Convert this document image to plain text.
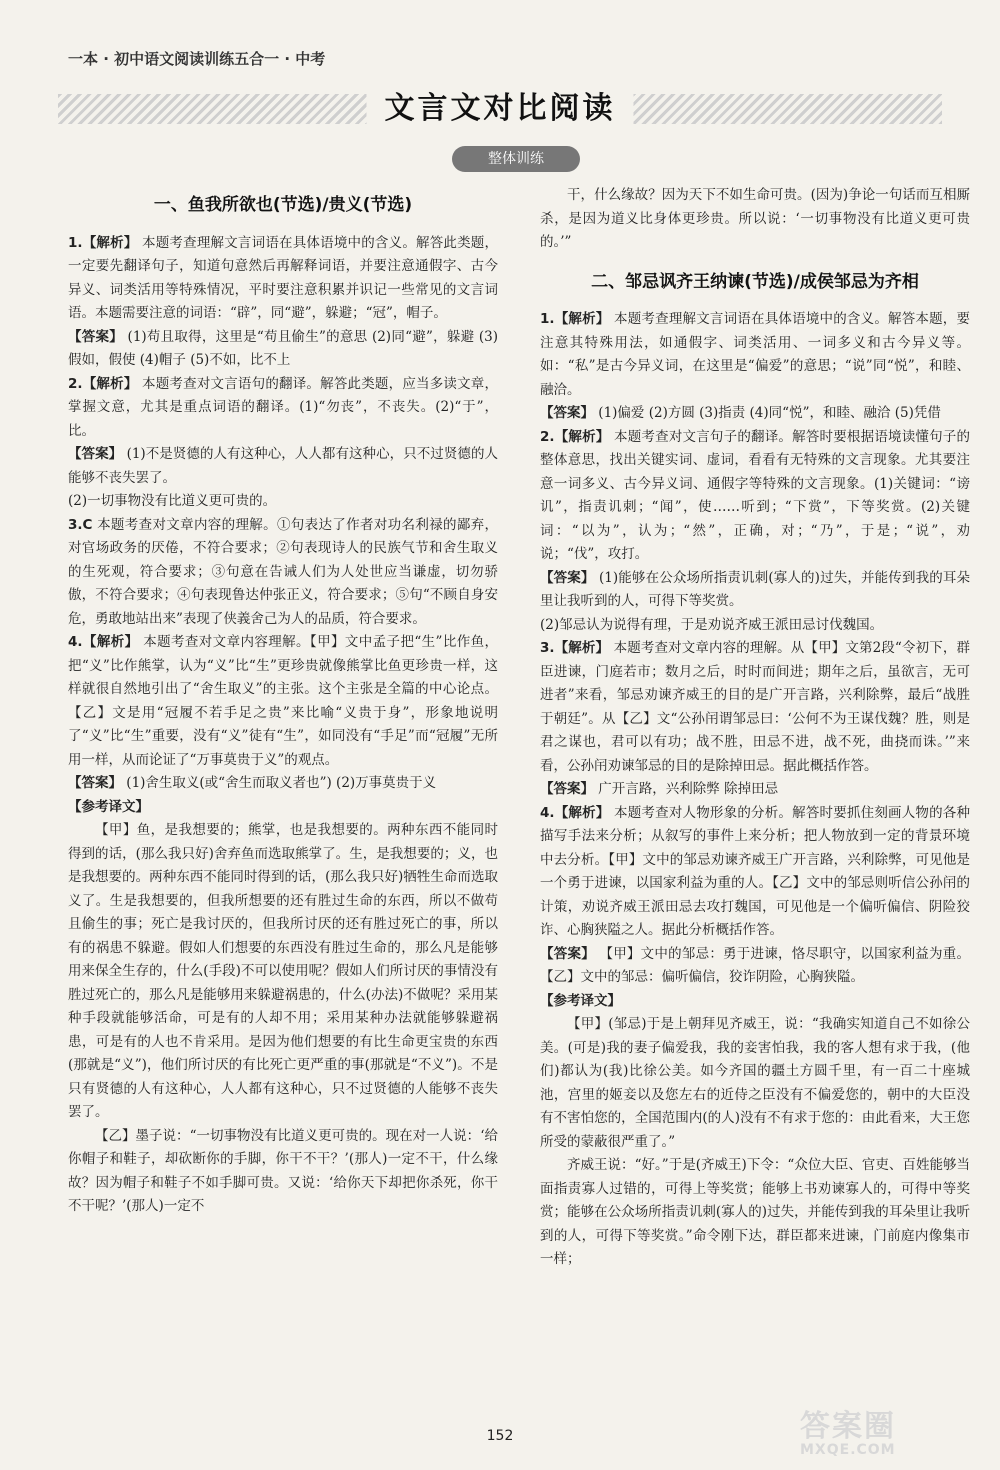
一本 · 初中语文阅读训练五合一 · 中考
文言文对比阅读
整体训练
一、鱼我所欲也(节选)/贵义(节选)

1.【解析】 本题考查理解文言词语在具体语境中的含义。解答此类题，一定要先翻译句子，知道句意然后再解释词语，并要注意通假字、古今异义、词类活用等特殊情况，平时要注意积累并识记一些常见的文言词语。本题需要注意的词语：“辟”，同“避”，躲避；“冠”，帽子。

【答案】 (1)苟且取得，这里是“苟且偷生”的意思 (2)同“避”，躲避 (3)假如，假使 (4)帽子 (5)不如，比不上

2.【解析】 本题考查对文言语句的翻译。解答此类题，应当多读文章，掌握文意，尤其是重点词语的翻译。(1)“勿丧”，不丧失。(2)“于”，比。

【答案】 (1)不是贤德的人有这种心，人人都有这种心，只不过贤德的人能够不丧失罢了。

(2)一切事物没有比道义更可贵的。

3.C 本题考查对文章内容的理解。①句表达了作者对功名利禄的鄙弃，对官场政务的厌倦，不符合要求；②句表现诗人的民族气节和舍生取义的生死观，符合要求；③句意在告诫人们为人处世应当谦虚，切勿骄傲，不符合要求；④句表现鲁达仲张正义，符合要求；⑤句“不顾自身安危，勇敢地站出来”表现了侠義舍己为人的品质，符合要求。

4.【解析】 本题考查对文章内容理解。【甲】文中孟子把“生”比作鱼，把“义”比作熊掌，认为“义”比“生”更珍贵就像熊掌比鱼更珍贵一样，这样就很自然地引出了“舍生取义”的主张。这个主张是全篇的中心论点。【乙】文是用“冠履不若手足之贵”来比喻“义贵于身”，形象地说明了“义”比“生”重要，没有“义”徒有“生”，如同没有“手足”而“冠履”无所用一样，从而论证了“万事莫贵于义”的观点。

【答案】 (1)舍生取义(或“舍生而取义者也”) (2)万事莫贵于义

【参考译文】

【甲】鱼，是我想要的；熊掌，也是我想要的。两种东西不能同时得到的话，(那么我只好)舍弃鱼而选取熊掌了。生，是我想要的；义，也是我想要的。两种东西不能同时得到的话，(那么我只好)牺牲生命而选取义了。生是我想要的，但我所想要的还有胜过生命的东西，所以不做苟且偷生的事；死亡是我讨厌的，但我所讨厌的还有胜过死亡的事，所以有的祸患不躲避。假如人们想要的东西没有胜过生命的，那么凡是能够用来保全生存的，什么(手段)不可以使用呢？假如人们所讨厌的事情没有胜过死亡的，那么凡是能够用来躲避祸患的，什么(办法)不做呢？采用某种手段就能够活命，可是有的人却不用；采用某种办法就能够躲避祸患，可是有的人也不肯采用。是因为他们想要的有比生命更宝贵的东西(那就是“义”)，他们所讨厌的有比死亡更严重的事(那就是“不义”)。不是只有贤德的人有这种心，人人都有这种心，只不过贤德的人能够不丧失罢了。

【乙】墨子说：“一切事物没有比道义更可贵的。现在对一人说：‘给你帽子和鞋子，却砍断你的手脚，你干不干？’(那人)一定不干，什么缘故？因为帽子和鞋子不如手脚可贵。又说：‘给你天下却把你杀死，你干不干呢？’(那人)一定不

干，什么缘故？因为天下不如生命可贵。(因为)争论一句话而互相厮杀，是因为道义比身体更珍贵。所以说：‘一切事物没有比道义更可贵的。’”

二、邹忌讽齐王纳谏(节选)/成侯邹忌为齐相

1.【解析】 本题考查理解文言词语在具体语境中的含义。解答本题，要注意其特殊用法，如通假字、词类活用、一词多义和古今异义等。如：“私”是古今异义词，在这里是“偏爱”的意思；“说”同“悦”，和睦、融洽。

【答案】 (1)偏爱 (2)方圆 (3)指责 (4)同“悦”，和睦、融洽 (5)凭借

2.【解析】 本题考查对文言句子的翻译。解答时要根据语境读懂句子的整体意思，找出关键实词、虚词，看看有无特殊的文言现象。尤其要注意一词多义、古今异义词、通假字等特殊的文言现象。(1)关键词：“谤讥”，指责讥刺；“闻”，使……听到；“下赏”，下等奖赏。(2)关键词：“以为”，认为；“然”，正确，对；“乃”，于是；“说”，劝说；“伐”，攻打。

【答案】 (1)能够在公众场所指责讥刺(寡人的)过失，并能传到我的耳朵里让我听到的人，可得下等奖赏。

(2)邹忌认为说得有理，于是劝说齐威王派田忌讨伐魏国。

3.【解析】 本题考查对文章内容的理解。从【甲】文第2段“令初下，群臣进谏，门庭若市；数月之后，时时而间进；期年之后，虽欲言，无可进者”来看，邹忌劝谏齐威王的目的是广开言路，兴利除弊，最后“战胜于朝廷”。从【乙】文“公孙闬谓邹忌曰：‘公何不为王谋伐魏？胜，则是君之谋也，君可以有功；战不胜，田忌不进，战不死，曲挠而诛。’”来看，公孙闬劝谏邹忌的目的是除掉田忌。据此概括作答。

【答案】 广开言路，兴利除弊 除掉田忌

4.【解析】 本题考查对人物形象的分析。解答时要抓住刻画人物的各种描写手法来分析；从叙写的事件上来分析；把人物放到一定的背景环境中去分析。【甲】文中的邹忌劝谏齐威王广开言路，兴利除弊，可见他是一个勇于进谏，以国家利益为重的人。【乙】文中的邹忌则听信公孙闬的计策，劝说齐威王派田忌去攻打魏国，可见他是一个偏听偏信、阴险狡诈、心胸狭隘之人。据此分析概括作答。

【答案】 【甲】文中的邹忌：勇于进谏，恪尽职守，以国家利益为重。【乙】文中的邹忌：偏听偏信，狡诈阴险，心胸狭隘。

【参考译文】

【甲】(邹忌)于是上朝拜见齐威王，说：“我确实知道自己不如徐公美。(可是)我的妻子偏爱我，我的妾害怕我，我的客人想有求于我，(他们)都认为(我)比徐公美。如今齐国的疆土方圆千里，有一百二十座城池，宫里的姬妾以及您左右的近侍之臣没有不偏爱您的，朝中的大臣没有不害怕您的，全国范围内(的人)没有不有求于您的：由此看来，大王您所受的蒙蔽很严重了。”

齐威王说：“好。”于是(齐威王)下令：“众位大臣、官吏、百姓能够当面指责寡人过错的，可得上等奖赏；能够上书劝谏寡人的，可得中等奖赏；能够在公众场所指责讥刺(寡人的)过失，并能传到我的耳朵里让我听到的人，可得下等奖赏。”命令刚下达，群臣都来进谏，门前庭内像集市一样；

152	答案圈
MXQE.COM
